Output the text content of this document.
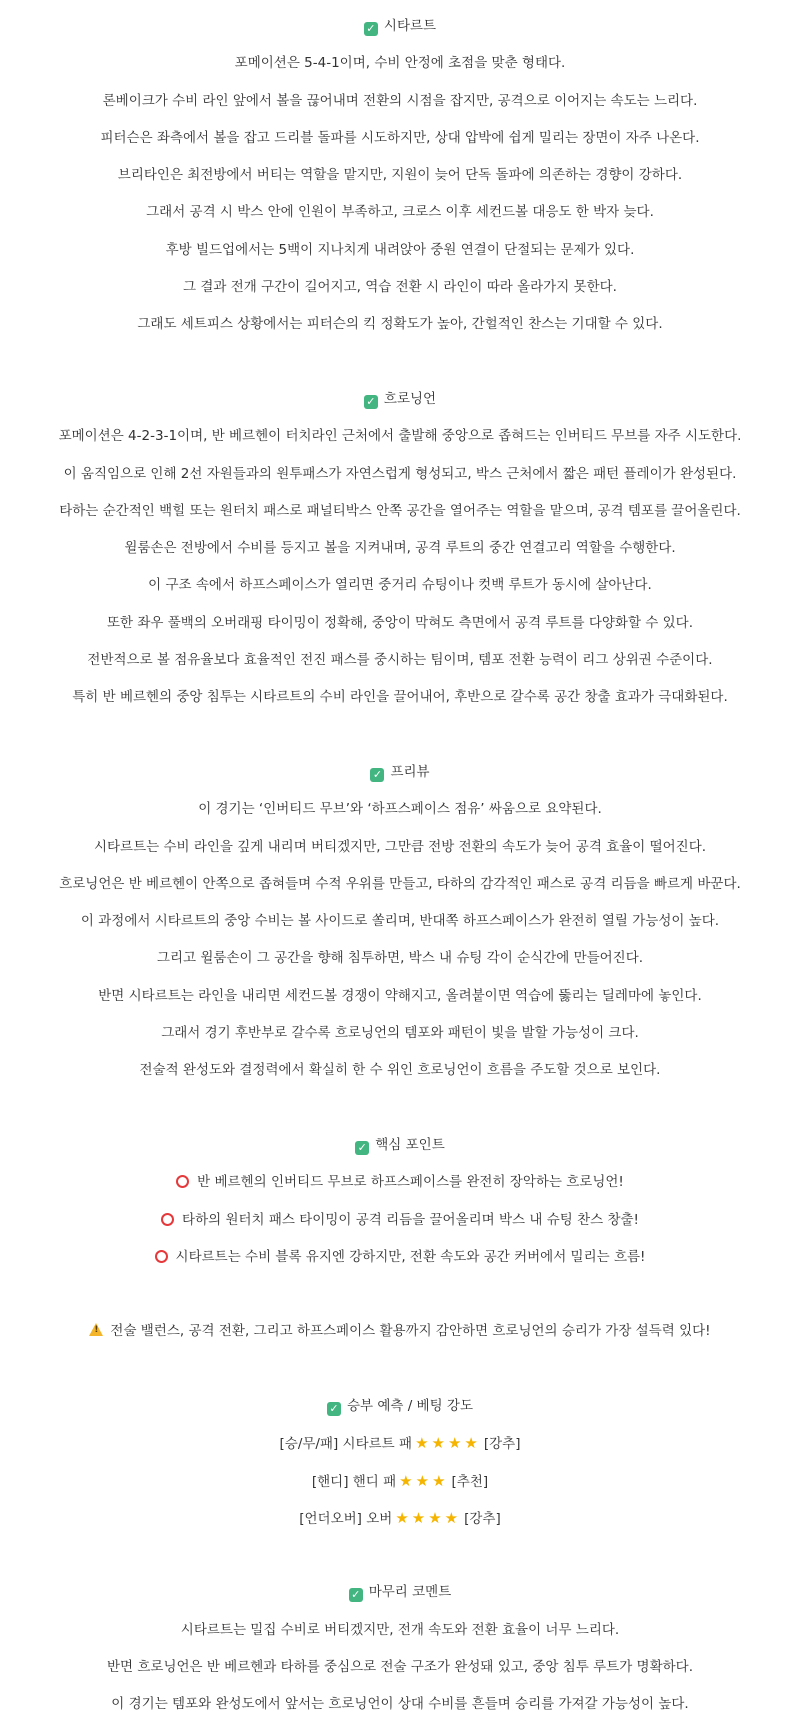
✓ 시타르트
포메이션은 5-4-1이며, 수비 안정에 초점을 맞춘 형태다.
론베이크가 수비 라인 앞에서 볼을 끊어내며 전환의 시점을 잡지만, 공격으로 이어지는 속도는 느리다.
피터슨은 좌측에서 볼을 잡고 드리블 돌파를 시도하지만, 상대 압박에 쉽게 밀리는 장면이 자주 나온다.
브리타인은 최전방에서 버티는 역할을 맡지만, 지원이 늦어 단독 돌파에 의존하는 경향이 강하다.
그래서 공격 시 박스 안에 인원이 부족하고, 크로스 이후 세컨드볼 대응도 한 박자 늦다.
후방 빌드업에서는 5백이 지나치게 내려앉아 중원 연결이 단절되는 문제가 있다.
그 결과 전개 구간이 길어지고, 역습 전환 시 라인이 따라 올라가지 못한다.
그래도 세트피스 상황에서는 피터슨의 킥 정확도가 높아, 간헐적인 찬스는 기대할 수 있다.
✓ 흐로닝언
포메이션은 4-2-3-1이며, 반 베르헨이 터치라인 근처에서 출발해 중앙으로 좁혀드는 인버티드 무브를 자주 시도한다.
이 움직임으로 인해 2선 자원들과의 원투패스가 자연스럽게 형성되고, 박스 근처에서 짧은 패턴 플레이가 완성된다.
타하는 순간적인 백힐 또는 원터치 패스로 패널티박스 안쪽 공간을 열어주는 역할을 맡으며, 공격 템포를 끌어올린다.
윌룸손은 전방에서 수비를 등지고 볼을 지켜내며, 공격 루트의 중간 연결고리 역할을 수행한다.
이 구조 속에서 하프스페이스가 열리면 중거리 슈팅이나 컷백 루트가 동시에 살아난다.
또한 좌우 풀백의 오버래핑 타이밍이 정확해, 중앙이 막혀도 측면에서 공격 루트를 다양화할 수 있다.
전반적으로 볼 점유율보다 효율적인 전진 패스를 중시하는 팀이며, 템포 전환 능력이 리그 상위권 수준이다.
특히 반 베르헨의 중앙 침투는 시타르트의 수비 라인을 끌어내어, 후반으로 갈수록 공간 창출 효과가 극대화된다.
✓ 프리뷰
이 경기는 ‘인버티드 무브’와 ‘하프스페이스 점유’ 싸움으로 요약된다.
시타르트는 수비 라인을 깊게 내리며 버티겠지만, 그만큼 전방 전환의 속도가 늦어 공격 효율이 떨어진다.
흐로닝언은 반 베르헨이 안쪽으로 좁혀들며 수적 우위를 만들고, 타하의 감각적인 패스로 공격 리듬을 빠르게 바꾼다.
이 과정에서 시타르트의 중앙 수비는 볼 사이드로 쏠리며, 반대쪽 하프스페이스가 완전히 열릴 가능성이 높다.
그리고 윌룸손이 그 공간을 향해 침투하면, 박스 내 슈팅 각이 순식간에 만들어진다.
반면 시타르트는 라인을 내리면 세컨드볼 경쟁이 약해지고, 올려붙이면 역습에 뚫리는 딜레마에 놓인다.
그래서 경기 후반부로 갈수록 흐로닝언의 템포와 패턴이 빛을 발할 가능성이 크다.
전술적 완성도와 결정력에서 확실히 한 수 위인 흐로닝언이 흐름을 주도할 것으로 보인다.
✓ 핵심 포인트
반 베르헨의 인버티드 무브로 하프스페이스를 완전히 장악하는 흐로닝언!
타하의 원터치 패스 타이밍이 공격 리듬을 끌어올리며 박스 내 슈팅 찬스 창출!
시타르트는 수비 블록 유지엔 강하지만, 전환 속도와 공간 커버에서 밀리는 흐름!
!전술 밸런스, 공격 전환, 그리고 하프스페이스 활용까지 감안하면 흐로닝언의 승리가 가장 설득력 있다!
✓ 승부 예측 / 베팅 강도
[승/무/패] 시타르트 패 ★★★★ [강추]
[핸디] 핸디 패 ★★★ [추천]
[언더오버] 오버 ★★★★ [강추]
✓ 마무리 코멘트
시타르트는 밀집 수비로 버티겠지만, 전개 속도와 전환 효율이 너무 느리다.
반면 흐로닝언은 반 베르헨과 타하를 중심으로 전술 구조가 완성돼 있고, 중앙 침투 루트가 명확하다.
이 경기는 템포와 완성도에서 앞서는 흐로닝언이 상대 수비를 흔들며 승리를 가져갈 가능성이 높다.
